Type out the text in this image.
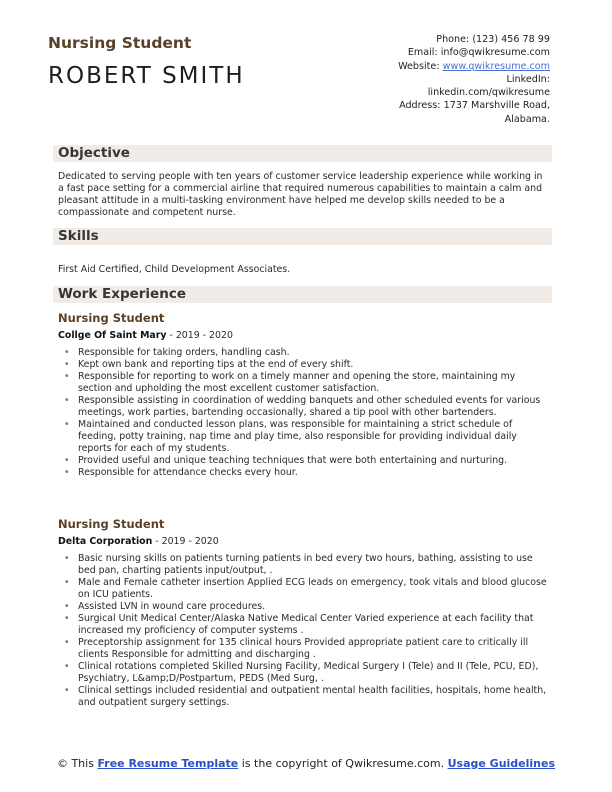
Nursing Student
ROBERT SMITH
Phone: (123) 456 78 99
Email: info@qwikresume.com
Website: www.qwikresume.com
LinkedIn:
linkedin.com/qwikresume
Address: 1737 Marshville Road,
Alabama.
Objective

Dedicated to serving people with ten years of customer service leadership experience while working in a fast pace setting for a commercial airline that required numerous capabilities to maintain a calm and pleasant attitude in a multi-tasking environment have helped me develop skills needed to be a compassionate and competent nurse.

Skills

First Aid Certified, Child Development Associates.

Work Experience
Nursing Student
Collge Of Saint Mary - 2019 - 2020
• Responsible for taking orders, handling cash.
• Kept own bank and reporting tips at the end of every shift.
• Responsible for reporting to work on a timely manner and opening the store, maintaining my section and upholding the most excellent customer satisfaction.
• Responsible assisting in coordination of wedding banquets and other scheduled events for various meetings, work parties, bartending occasionally, shared a tip pool with other bartenders.
• Maintained and conducted lesson plans, was responsible for maintaining a strict schedule of feeding, potty training, nap time and play time, also responsible for providing individual daily reports for each of my students.
• Provided useful and unique teaching techniques that were both entertaining and nurturing.
• Responsible for attendance checks every hour.
Nursing Student
Delta Corporation - 2019 - 2020
• Basic nursing skills on patients turning patients in bed every two hours, bathing, assisting to use bed pan, charting patients input/output, .
• Male and Female catheter insertion Applied ECG leads on emergency, took vitals and blood glucose on ICU patients.
• Assisted LVN in wound care procedures.
• Surgical Unit Medical Center/Alaska Native Medical Center Varied experience at each facility that increased my proficiency of computer systems .
• Preceptorship assignment for 135 clinical hours Provided appropriate patient care to critically ill clients Responsible for admitting and discharging .
• Clinical rotations completed Skilled Nursing Facility, Medical Surgery I (Tele) and II (Tele, PCU, ED), Psychiatry, L&amp;D/Postpartum, PEDS (Med Surg, .
• Clinical settings included residential and outpatient mental health facilities, hospitals, home health, and outpatient surgery settings.
© This Free Resume Template is the copyright of Qwikresume.com. Usage Guidelines
